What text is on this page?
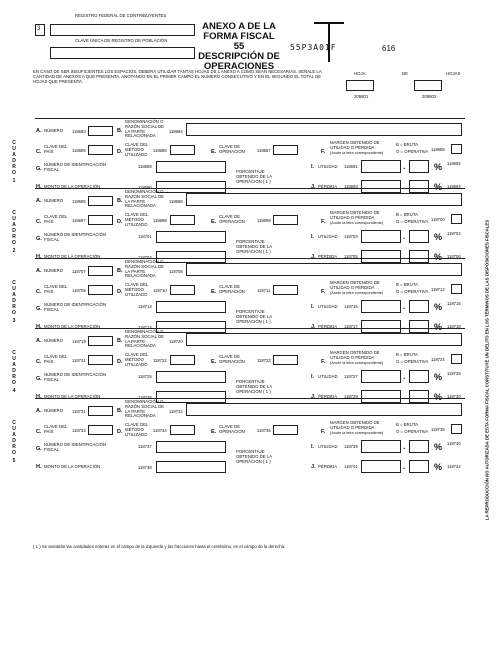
3
REGISTRO FEDERAL DE CONTRIBUYENTES
CLAVE ÚNICA DE REGISTRO DE POBLACIÓN
ANEXO A DE LA
FORMA FISCAL 55
DESCRIPCIÓN DE
OPERACIONES
55P3A01F	616
EN CASO DE SER INSUFICIENTES LOS ESPACIOS, DEBERÁ UTILIZAR TANTAS HOJAS DE L ANEXO A COMO SEAN NECESARIAS. SEÑALE LA CANTIDAD DE ANEXOS A QUE PRESENTA, ANOTANDO EN EL PRIMER CAMPO EL NÚMERO CONSECUTIVO Y EN EL SEGUNDO EL TOTAL DE HOJAS QUE PRESENTA.
HOJA
205801
DE
205802
HOJAS
C
U
A
D
R
O
1
A. NÚMERO 118683	B.
DENOMINACIÓN O RAZÓN SOCIAL DE LA PARTE RELACIONADA
118684
C.
CLAVE DEL PAÍS	118685	D.
CLAVE DEL MÉTODO UTILIZADO
118686	E.
CLAVE DE OPERACIÓN	118687	F.
MARGEN OBTENIDO DE UTILIDAD O PÉRDIDA
(Anote la letra correspondiente)
B = BRUTA
O = OPERATIVA 118688
G.
NÚMERO DE IDENTIFICACIÓN FISCAL
118689
PORCENTAJE OBTENIDO DE LA OPERACIÓN ( 1 )
I. UTILIDAD 118691	.	% 118692
H. MONTO DE LA OPERACIÓN	118690	J. PÉRDIDA 118693	.	% 118694
C
U
A
D
R
O
2
A. NÚMERO 118695	B.
DENOMINACIÓN O RAZÓN SOCIAL DE LA PARTE RELACIONADA
118696
C.
CLAVE DEL PAÍS	118697	D.
CLAVE DEL MÉTODO UTILIZADO
118698	E.
CLAVE DE OPERACIÓN	118699	F.
MARGEN OBTENIDO DE UTILIDAD O PÉRDIDA
(Anote la letra correspondiente)
B = BRUTA
O = OPERATIVA 118700
G.
NÚMERO DE IDENTIFICACIÓN FISCAL
118701
PORCENTAJE OBTENIDO DE LA OPERACIÓN ( 1 )
I. UTILIDAD 118703	.	% 118704
H. MONTO DE LA OPERACIÓN	118702	J. PÉRDIDA 118705	.	% 118706
C
U
A
D
R
O
3
A. NÚMERO 118707	B.
DENOMINACIÓN O RAZÓN SOCIAL DE LA PARTE RELACIONADA
118708
C.
CLAVE DEL PAÍS	118709	D.
CLAVE DEL MÉTODO UTILIZADO
118710	E.
CLAVE DE OPERACIÓN	118711	F.
MARGEN OBTENIDO DE UTILIDAD O PÉRDIDA
(Anote la letra correspondiente)
B = BRUTA
O = OPERATIVA 118712
G.
NÚMERO DE IDENTIFICACIÓN FISCAL
118713
PORCENTAJE OBTENIDO DE LA OPERACIÓN ( 1 )
I. UTILIDAD 118715	.	% 118716
H. MONTO DE LA OPERACIÓN	118714	J. PÉRDIDA 118717	.	% 118718
C
U
A
D
R
O
4
A. NÚMERO 118719	B.
DENOMINACIÓN O RAZÓN SOCIAL DE LA PARTE RELACIONADA
118720
C.
CLAVE DEL PAÍS	118721	D.
CLAVE DEL MÉTODO UTILIZADO
118722	E.
CLAVE DE OPERACIÓN	118723	F.
MARGEN OBTENIDO DE UTILIDAD O PÉRDIDA
(Anote la letra correspondiente)
B = BRUTA
O = OPERATIVA 118724
G.
NÚMERO DE IDENTIFICACIÓN FISCAL
118725
PORCENTAJE OBTENIDO DE LA OPERACIÓN ( 1 )
I. UTILIDAD 118727	.	% 118728
H. MONTO DE LA OPERACIÓN	118726	J. PÉRDIDA 118729	.	% 118730
C
U
A
D
R
O
5
A. NÚMERO 118731	B.
DENOMINACIÓN O RAZÓN SOCIAL DE LA PARTE RELACIONADA
118732
C.
CLAVE DEL PAÍS	118733	D.
CLAVE DEL MÉTODO UTILIZADO
118734	E.
CLAVE DE OPERACIÓN	118735	F.
MARGEN OBTENIDO DE UTILIDAD O PÉRDIDA
(Anote la letra correspondiente)
B = BRUTA
O = OPERATIVA 118736
G.
NÚMERO DE IDENTIFICACIÓN FISCAL
118737
PORCENTAJE OBTENIDO DE LA OPERACIÓN ( 1 )
I. UTILIDAD 118739	.	% 118740
H. MONTO DE LA OPERACIÓN	118738	J. PÉRDIDA 118741	.	% 118742
( 1 ) Se anotarán las cantidades enteras en el campo de la izquierda y las fracciones hasta el centésimo, en el campo de la derecha.
LA REPRODUCCIÓN NO AUTORIZADA DE ESTA FORMA FISCAL CONSTITUYE UN DELITO EN LOS TÉRMINOS DE LAS DISPOSICIONES FISCALES
